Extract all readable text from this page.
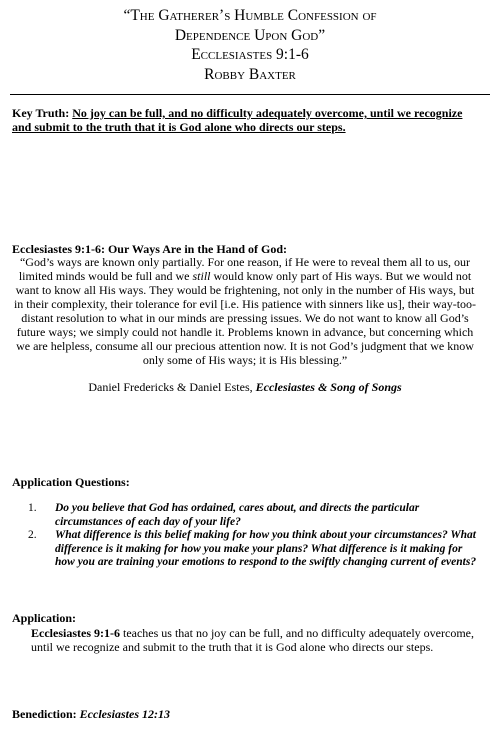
“The Gatherer’s Humble Confession of
Dependence Upon God”
Ecclesiastes 9:1-6
Robby Baxter
Key Truth: No joy can be full, and no difficulty adequately overcome, until we recognize and submit to the truth that it is God alone who directs our steps.
Ecclesiastes 9:1-6: Our Ways Are in the Hand of God:
“God’s ways are known only partially. For one reason, if He were to reveal them all to us, our limited minds would be full and we still would know only part of His ways. But we would not want to know all His ways. They would be frightening, not only in the number of His ways, but in their complexity, their tolerance for evil [i.e. His patience with sinners like us], their way-too-distant resolution to what in our minds are pressing issues. We do not want to know all God’s future ways; we simply could not handle it. Problems known in advance, but concerning which we are helpless, consume all our precious attention now. It is not God’s judgment that we know only some of His ways; it is His blessing.”
Daniel Fredericks & Daniel Estes, Ecclesiastes & Song of Songs
Application Questions:
1. Do you believe that God has ordained, cares about, and directs the particular circumstances of each day of your life?
2. What difference is this belief making for how you think about your circumstances? What difference is it making for how you make your plans? What difference is it making for how you are training your emotions to respond to the swiftly changing current of events?
Application:
Ecclesiastes 9:1-6 teaches us that no joy can be full, and no difficulty adequately overcome, until we recognize and submit to the truth that it is God alone who directs our steps.
Benediction: Ecclesiastes 12:13
